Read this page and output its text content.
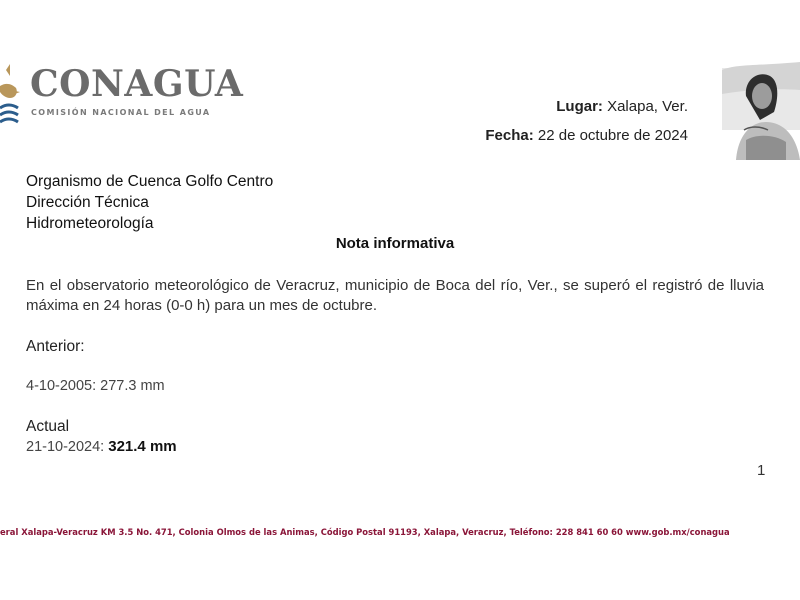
CONAGUA
COMISIÓN NACIONAL DEL AGUA	Lugar: Xalapa, Ver.
Fecha: 22 de octubre de 2024
Organismo de Cuenca Golfo Centro
Dirección Técnica
Hidrometeorología
Nota informativa
En el observatorio meteorológico de Veracruz, municipio de Boca del río, Ver., se superó el registró de lluvia máxima en 24 horas (0-0 h) para un mes de octubre.
Anterior:
4-10-2005: 277.3 mm
Actual
21-10-2024: 321.4 mm
1
eral Xalapa-Veracruz KM 3.5 No. 471, Colonia Olmos de las Animas, Código Postal 91193, Xalapa, Veracruz, Teléfono: 228 841 60 60 www.gob.mx/conagua
